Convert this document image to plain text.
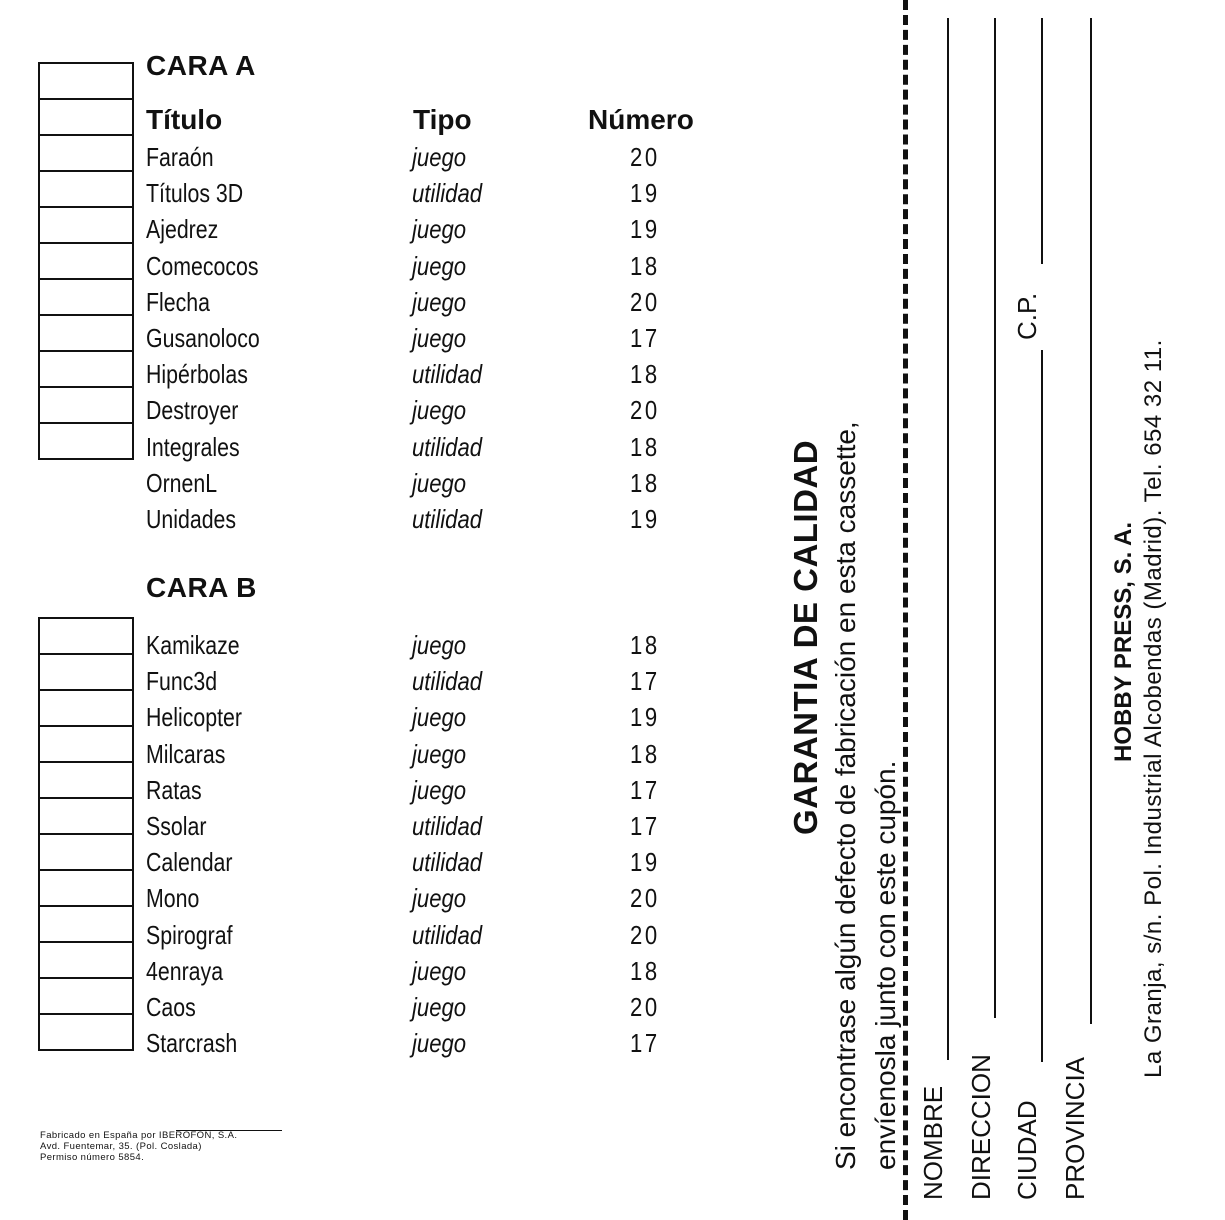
CARA A
Título	Tipo	Número
Faraón	juego	20
Títulos 3D	utilidad	19
Ajedrez	juego	19
Comecocos	juego	18
Flecha	juego	20
Gusanoloco	juego	17
Hipérbolas	utilidad	18
Destroyer	juego	20
Integrales	utilidad	18
OrnenL	juego	18
Unidades	utilidad	19
CARA B
Kamikaze	juego	18
Func3d	utilidad	17
Helicopter	juego	19
Milcaras	juego	18
Ratas	juego	17
Ssolar	utilidad	17
Calendar	utilidad	19
Mono	juego	20
Spirograf	utilidad	20
4enraya	juego	18
Caos	juego	20
Starcrash	juego	17
Fabricado en España por IBEROFON, S.A.
Avd. Fuentemar, 35. (Pol. Coslada)
Permiso número 5854.
GARANTIA DE CALIDAD Si encontrase algún defecto de fabricación en esta cassette, envíenosla junto con este cupón. NOMBRE DIRECCION CIUDAD
C.P.
PROVINCIA
HOBBY PRESS, S. A. La Granja, s/n. Pol. Industrial Alcobendas (Madrid). Tel. 654 32 11.
